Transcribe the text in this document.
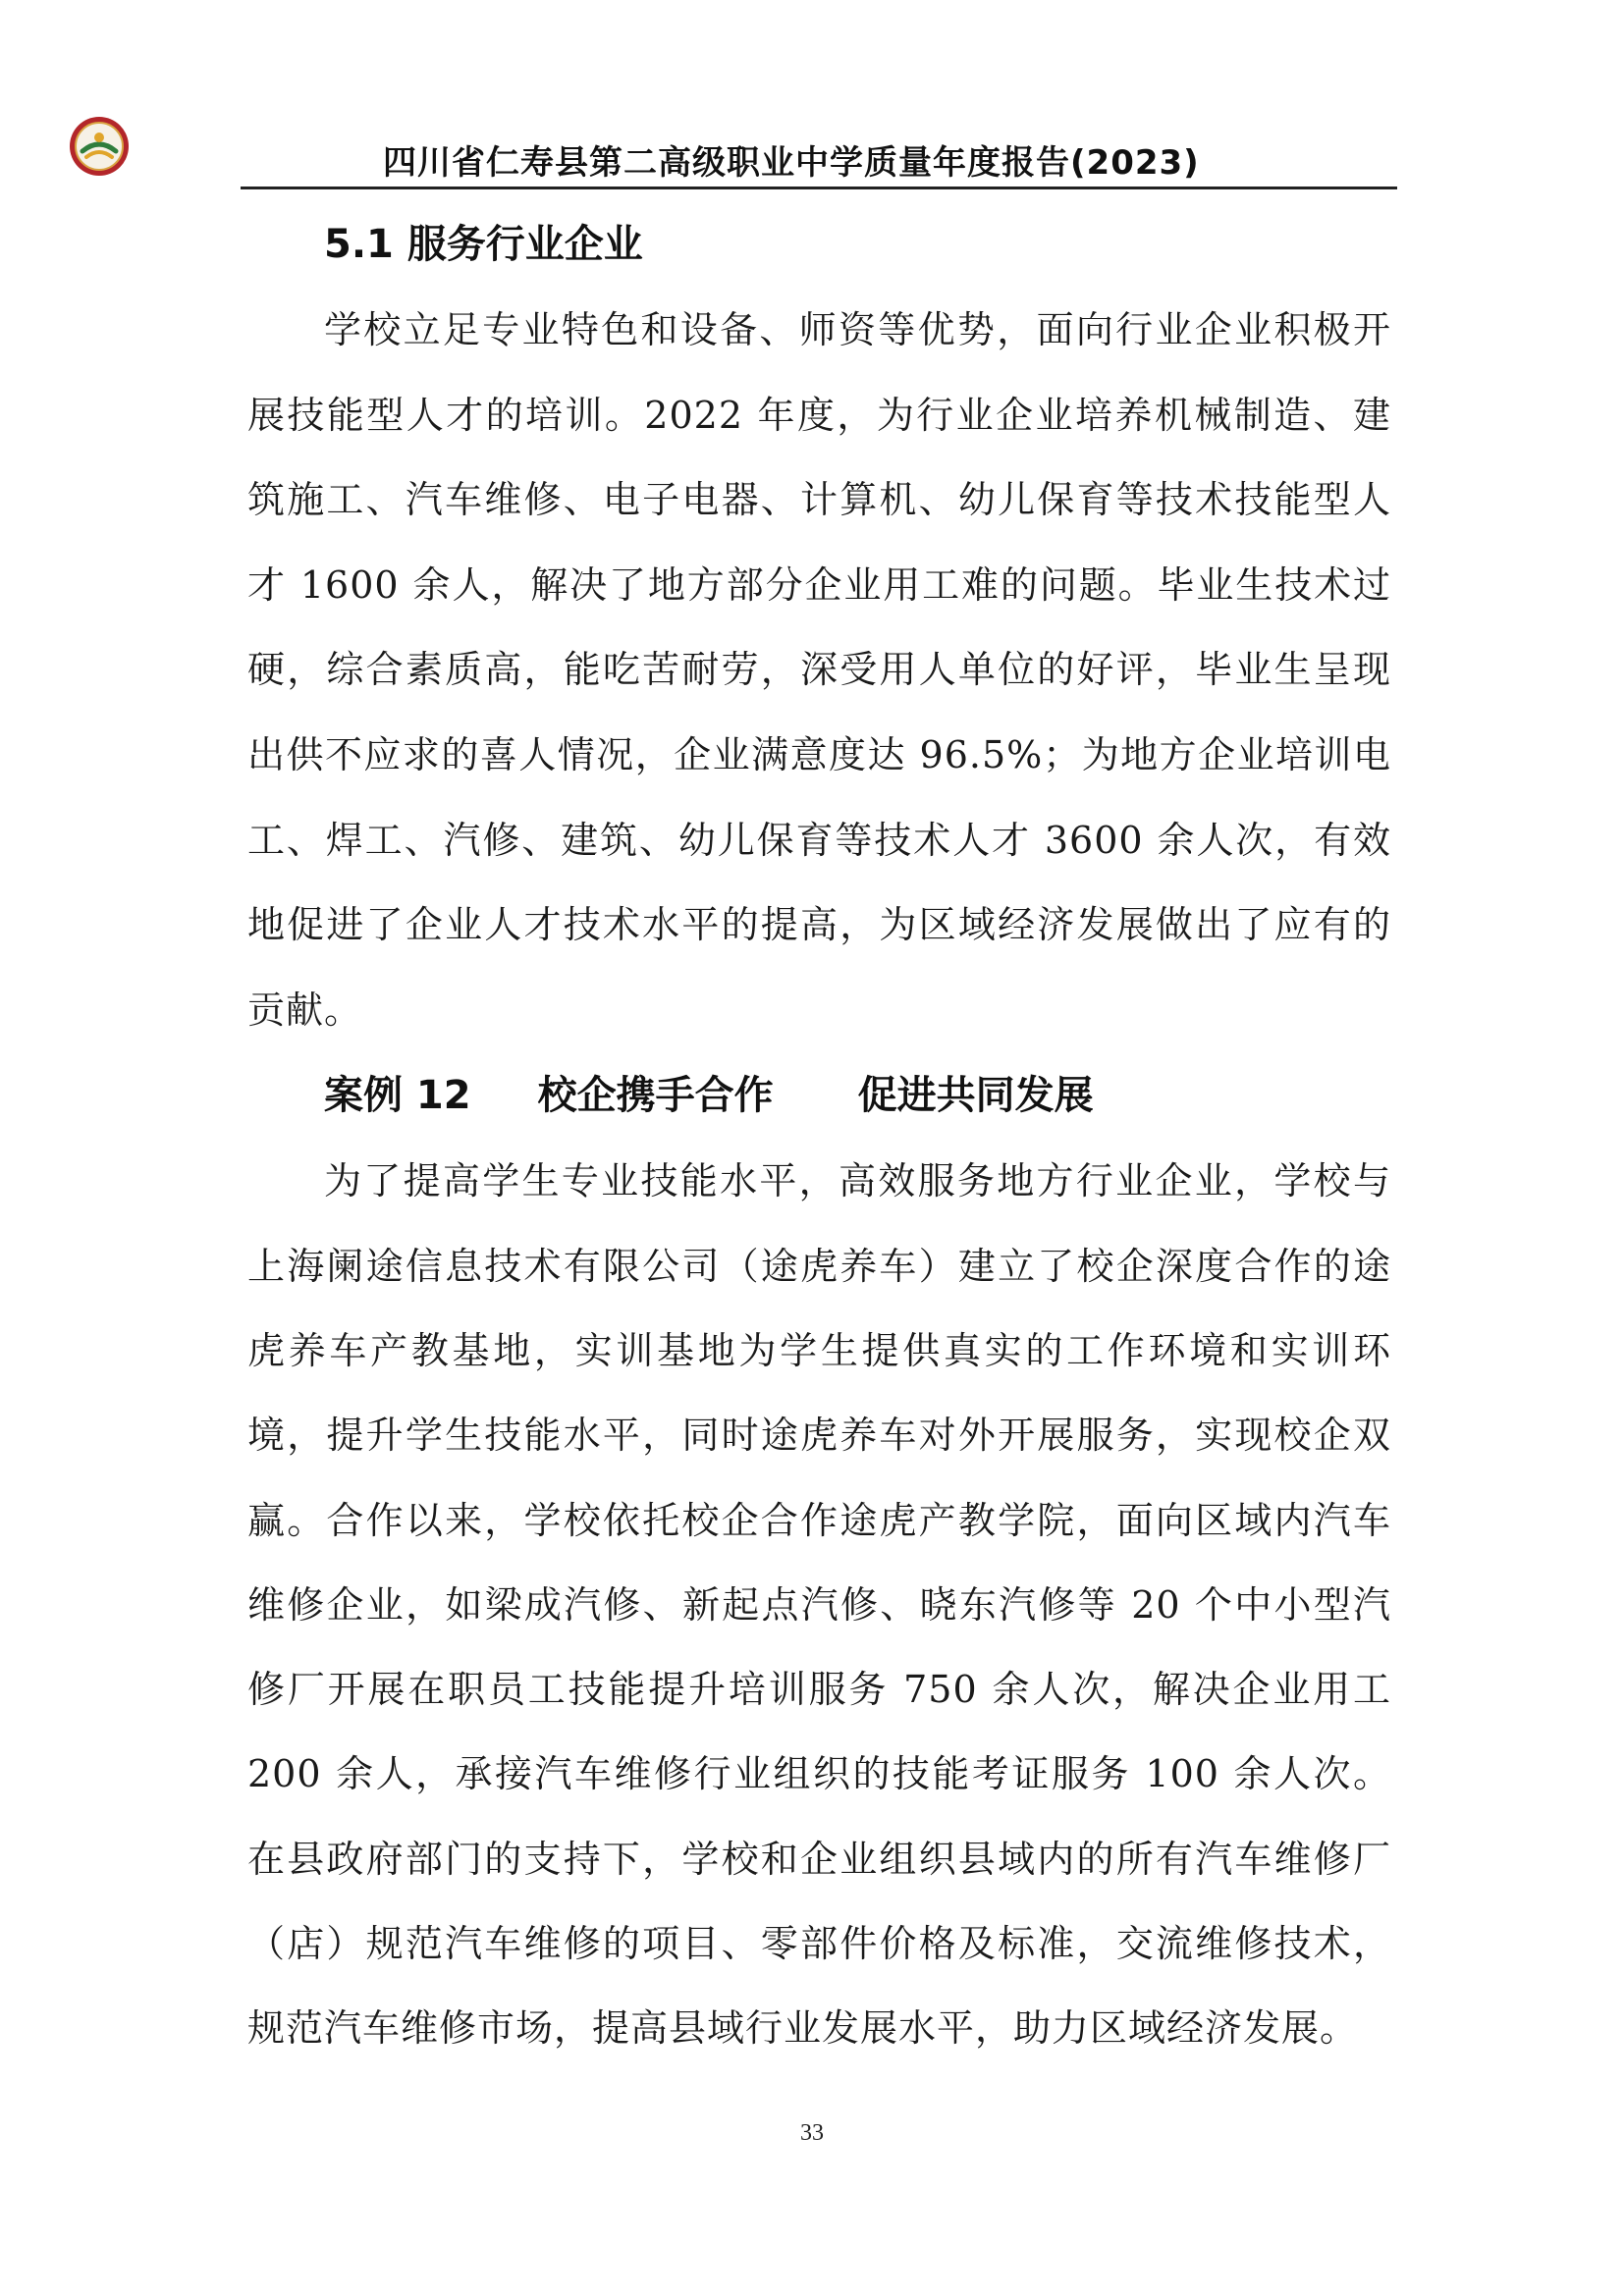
四川省仁寿县第二高级职业中学质量年度报告(2023)
5.1 服务行业企业

学校立足专业特色和设备、师资等优势，面向行业企业积极开展技能型人才的培训。2022 年度，为行业企业培养机械制造、建筑施工、汽车维修、电子电器、计算机、幼儿保育等技术技能型人才 1600 余人，解决了地方部分企业用工难的问题。毕业生技术过硬，综合素质高，能吃苦耐劳，深受用人单位的好评，毕业生呈现出供不应求的喜人情况，企业满意度达 96.5%；为地方企业培训电工、焊工、汽修、建筑、幼儿保育等技术人才 3600 余人次，有效地促进了企业人才技术水平的提高，为区域经济发展做出了应有的贡献。

案例 12 校企携手合作 促进共同发展

为了提高学生专业技能水平，高效服务地方行业企业，学校与上海阑途信息技术有限公司（途虎养车）建立了校企深度合作的途虎养车产教基地，实训基地为学生提供真实的工作环境和实训环境，提升学生技能水平，同时途虎养车对外开展服务，实现校企双赢。合作以来，学校依托校企合作途虎产教学院，面向区域内汽车维修企业，如梁成汽修、新起点汽修、晓东汽修等 20 个中小型汽修厂开展在职员工技能提升培训服务 750 余人次，解决企业用工 200 余人，承接汽车维修行业组织的技能考证服务 100 余人次。在县政府部门的支持下，学校和企业组织县域内的所有汽车维修厂（店）规范汽车维修的项目、零部件价格及标准，交流维修技术，规范汽车维修市场，提高县域行业发展水平，助力区域经济发展。

33
